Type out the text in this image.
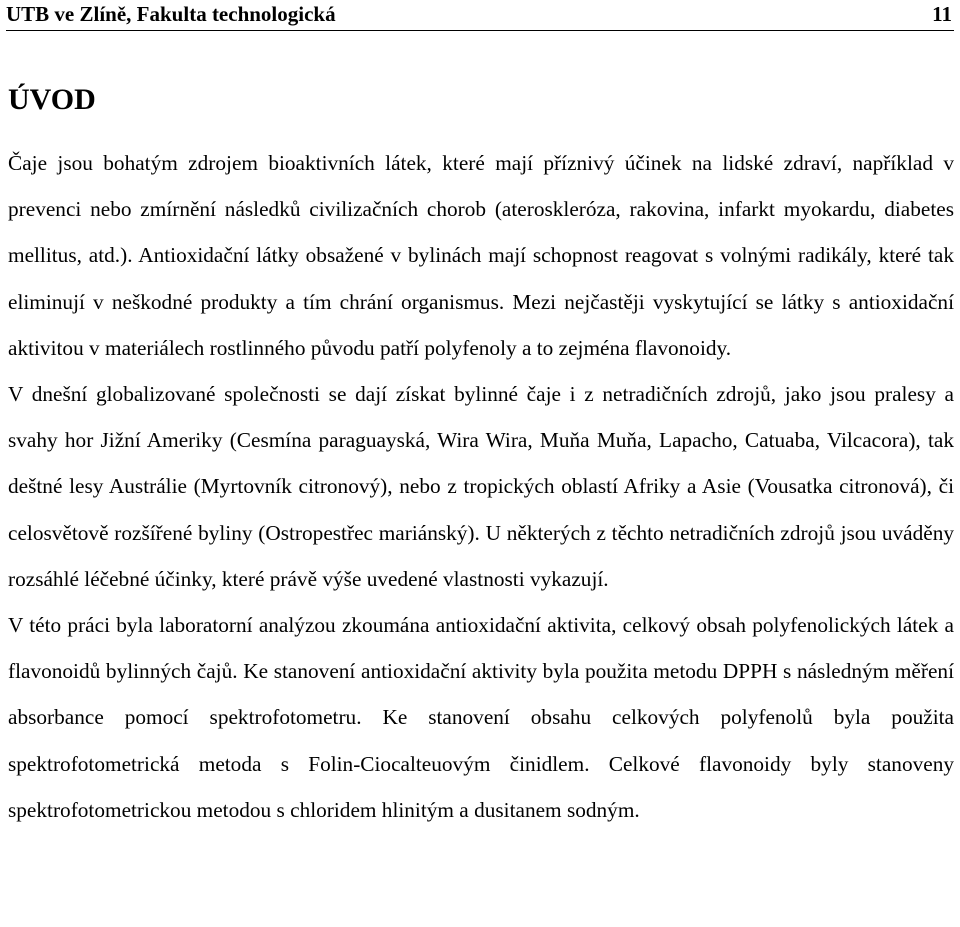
UTB ve Zlíně, Fakulta technologická	11
ÚVOD

Čaje jsou bohatým zdrojem bioaktivních látek, které mají příznivý účinek na lidské zdraví, například v prevenci nebo zmírnění následků civilizačních chorob (ateroskleróza, rakovina, infarkt myokardu, diabetes mellitus, atd.). Antioxidační látky obsažené v bylinách mají schopnost reagovat s volnými radikály, které tak eliminují v neškodné produkty a tím chrání organismus. Mezi nejčastěji vyskytující se látky s antioxidační aktivitou v materiálech rostlinného původu patří polyfenoly a to zejména flavonoidy.

V dnešní globalizované společnosti se dají získat bylinné čaje i z netradičních zdrojů, jako jsou pralesy a svahy hor Jižní Ameriky (Cesmína paraguayská, Wira Wira, Muňa Muňa, Lapacho, Catuaba, Vilcacora), tak deštné lesy Austrálie (Myrtovník citronový), nebo z tropických oblastí Afriky a Asie (Vousatka citronová), či celosvětově rozšířené byliny (Ostropestřec mariánský). U některých z těchto netradičních zdrojů jsou uváděny rozsáhlé léčebné účinky, které právě výše uvedené vlastnosti vykazují.

V této práci byla laboratorní analýzou zkoumána antioxidační aktivita, celkový obsah polyfenolických látek a flavonoidů bylinných čajů. Ke stanovení antioxidační aktivity byla použita metodu DPPH s následným měření absorbance pomocí spektrofotometru. Ke stanovení obsahu celkových polyfenolů byla použita spektrofotometrická metoda s Folin-Ciocalteuovým činidlem. Celkové flavonoidy byly stanoveny spektrofotometrickou metodou s chloridem hlinitým a dusitanem sodným.
